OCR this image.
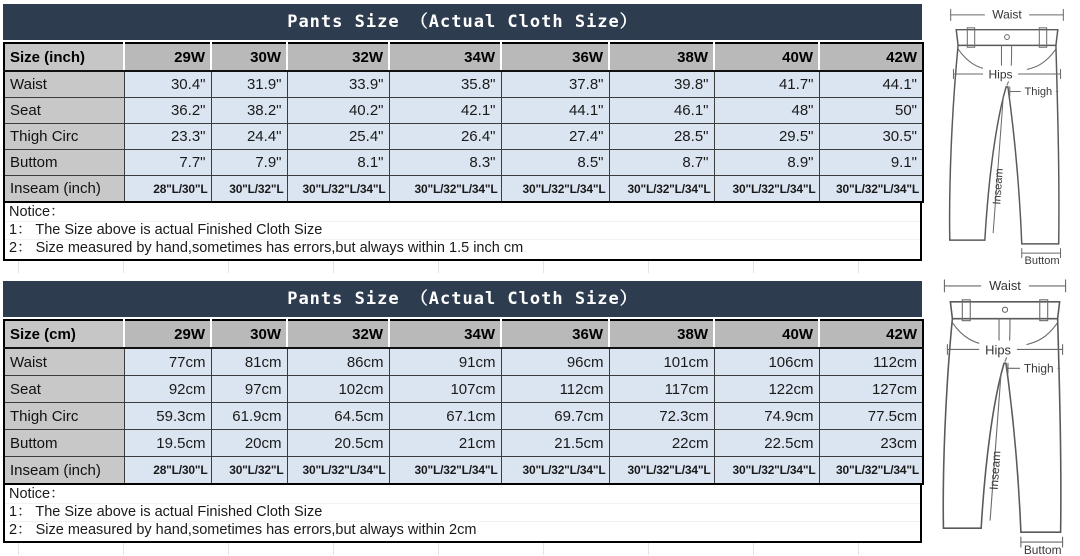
Pants Size （Actual Cloth Size）
Size (inch)	29W	30W	32W	34W	36W	38W	40W	42W
Waist	30.4"	31.9"	33.9"	35.8"	37.8"	39.8"	41.7"	44.1"
Seat	36.2"	38.2"	40.2"	42.1"	44.1"	46.1"	48"	50"
Thigh Circ	23.3"	24.4"	25.4"	26.4"	27.4"	28.5"	29.5"	30.5"
Buttom	7.7"	7.9"	8.1"	8.3"	8.5"	8.7"	8.9"	9.1"
Inseam (inch)	28"L/30"L	30"L/32"L	30"L/32"L/34"L	30"L/32"L/34"L	30"L/32"L/34"L	30"L/32"L/34"L	30"L/32"L/34"L	30"L/32"L/34"L
Notice：
1： The Size above is actual Finished Cloth Size
2： Size measured by hand,sometimes has errors,but always within 1.5 inch cm
Pants Size （Actual Cloth Size）
Size (cm)	29W	30W	32W	34W	36W	38W	40W	42W
Waist	77cm	81cm	86cm	91cm	96cm	101cm	106cm	112cm
Seat	92cm	97cm	102cm	107cm	112cm	117cm	122cm	127cm
Thigh Circ	59.3cm	61.9cm	64.5cm	67.1cm	69.7cm	72.3cm	74.9cm	77.5cm
Buttom	19.5cm	20cm	20.5cm	21cm	21.5cm	22cm	22.5cm	23cm
Inseam (inch)	28"L/30"L	30"L/32"L	30"L/32"L/34"L	30"L/32"L/34"L	30"L/32"L/34"L	30"L/32"L/34"L	30"L/32"L/34"L	30"L/32"L/34"L
Notice：
1： The Size above is actual Finished Cloth Size
2： Size measured by hand,sometimes has errors,but always within 2cm
Waist
Hips
Thigh
Inseam
Buttom
Waist
Hips
Thigh
Inseam
Buttom
